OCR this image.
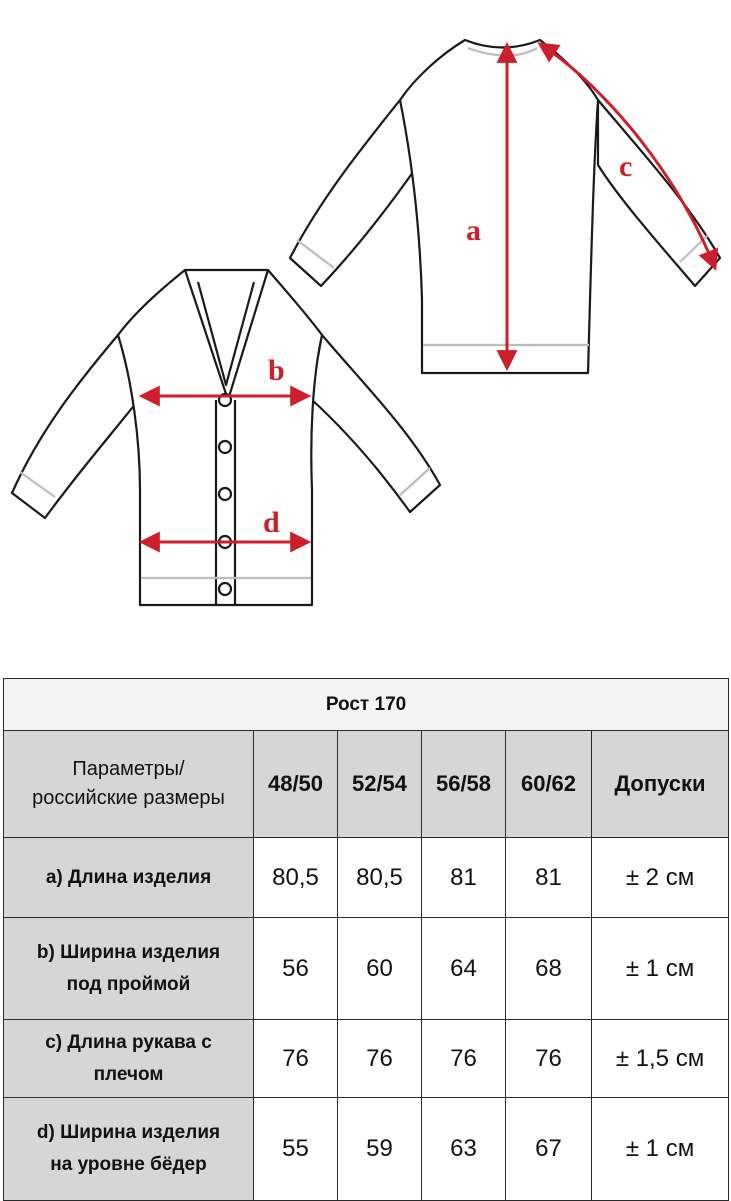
a
c
b
d
Рост 170					

Параметры/
российские размеры	48/50	52/54	56/58	60/62	Допуски

a) Длина изделия	80,5	80,5	81	81	± 2 см

b) Ширина изделия
под проймой	56	60	64	68	± 1 см

c) Длина рукава с
плечом	76	76	76	76	± 1,5 см

d) Ширина изделия
на уровне бёдер	55	59	63	67	± 1 см
